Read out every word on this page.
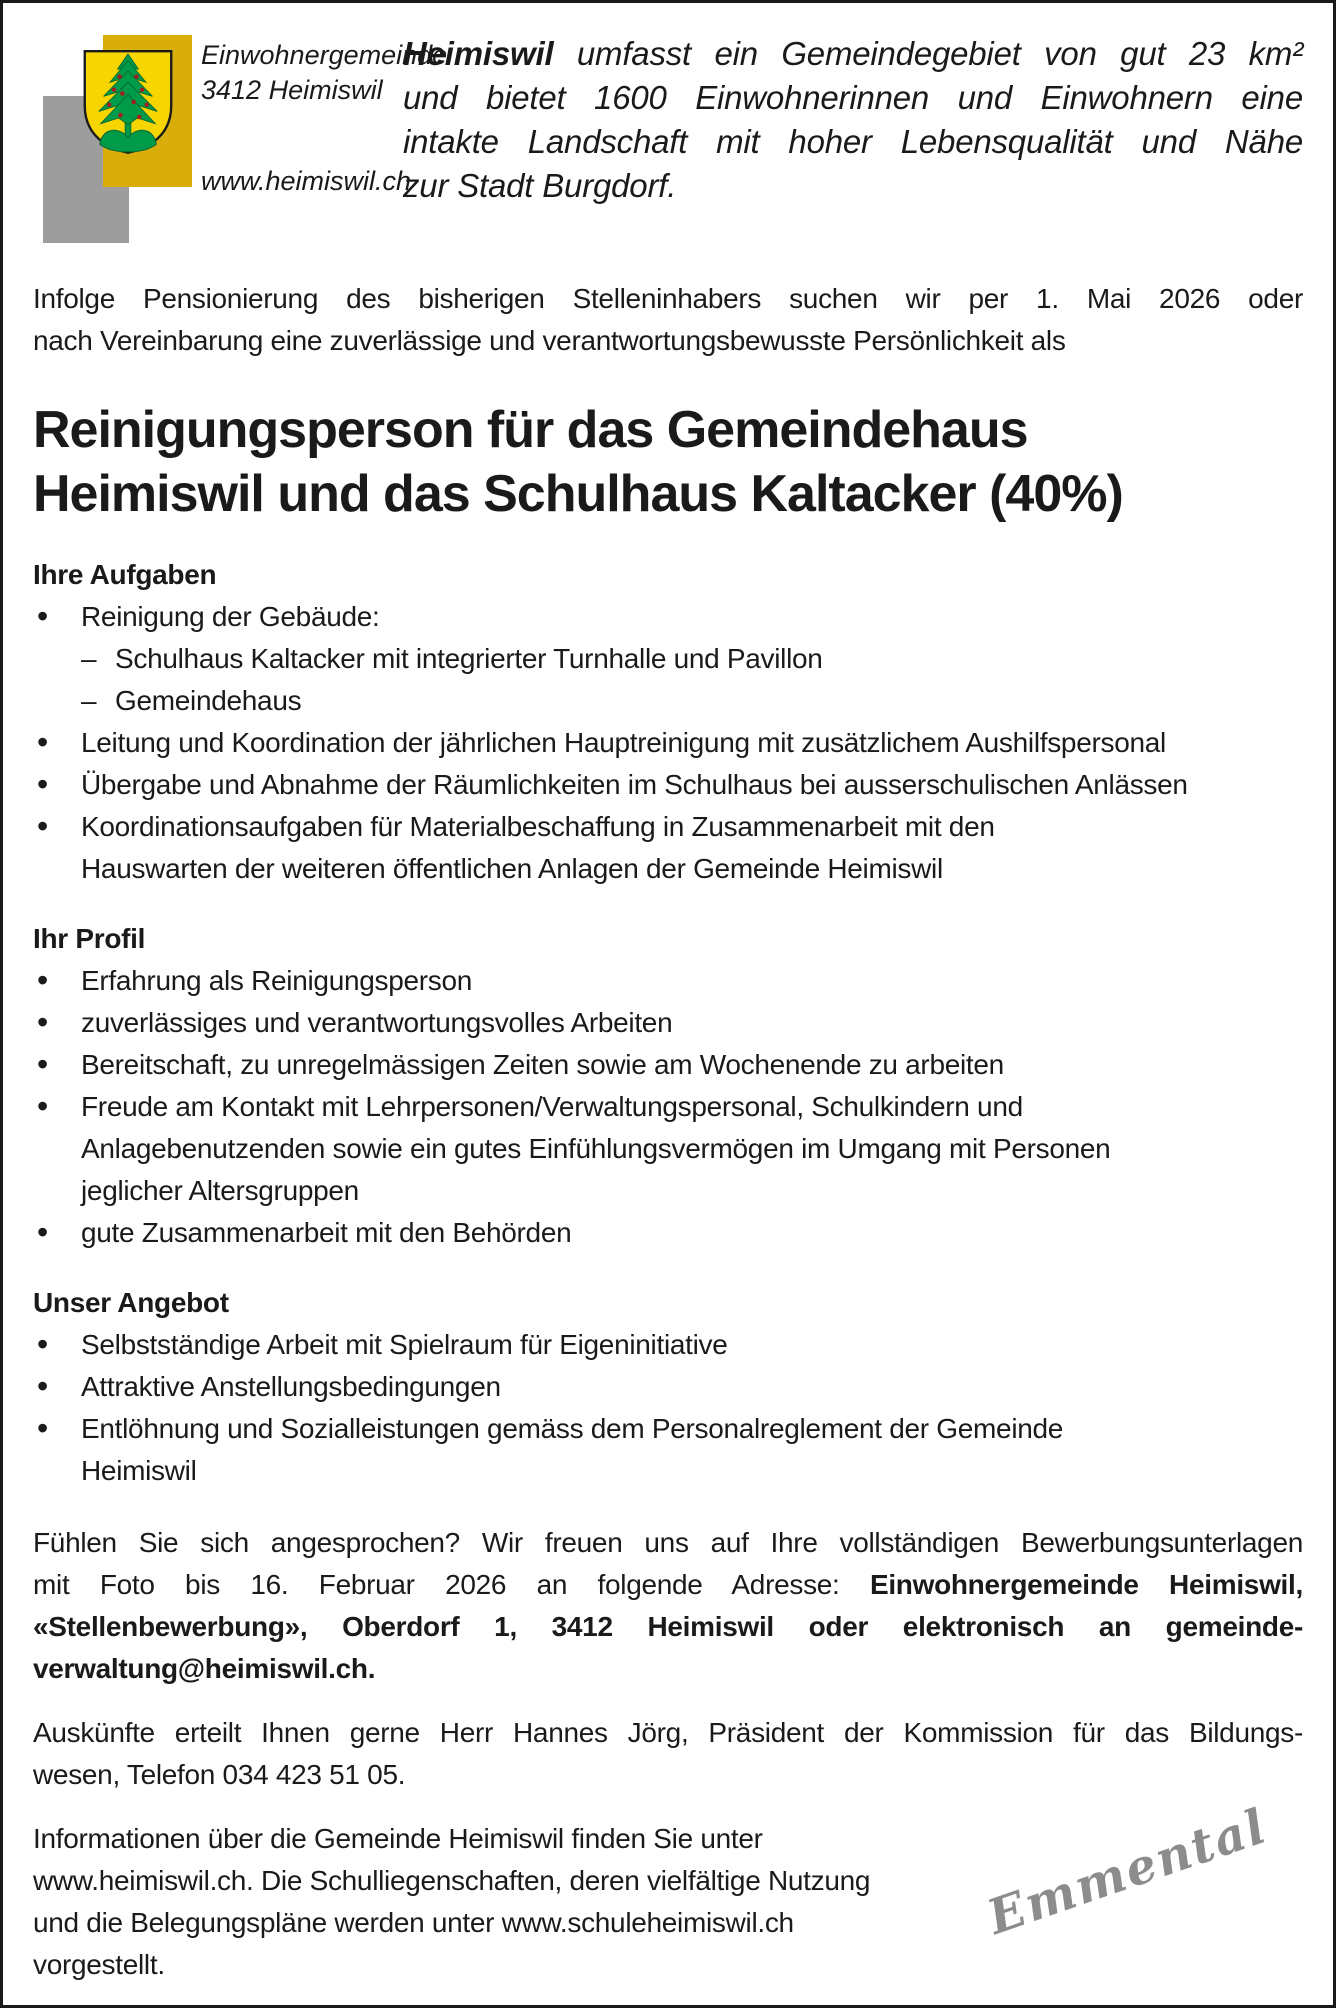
Einwohnergemeinde
3412 Heimiswil
www.heimiswil.ch
Heimiswil umfasst ein Gemeindegebiet von gut 23 km²
und bietet 1600 Einwohnerinnen und Einwohnern eine
intakte Landschaft mit hoher Lebensqualität und Nähe
zur Stadt Burgdorf.

Infolge Pensionierung des bisherigen Stelleninhabers suchen wir per 1. Mai 2026 oder
nach Vereinbarung eine zuverlässige und verantwortungsbewusste Persönlichkeit als

Reinigungsperson für das Gemeindehaus
Heimiswil und das Schulhaus Kaltacker (40%)
Ihre Aufgaben
• Reinigung der Gebäude:
– Schulhaus Kaltacker mit integrierter Turnhalle und Pavillon
– Gemeindehaus
• Leitung und Koordination der jährlichen Hauptreinigung mit zusätzlichem Aushilfspersonal
• Übergabe und Abnahme der Räumlichkeiten im Schulhaus bei ausserschulischen Anlässen
• Koordinationsaufgaben für Materialbeschaffung in Zusammenarbeit mit den
Hauswarten der weiteren öffentlichen Anlagen der Gemeinde Heimiswil
Ihr Profil
• Erfahrung als Reinigungsperson
• zuverlässiges und verantwortungsvolles Arbeiten
• Bereitschaft, zu unregelmässigen Zeiten sowie am Wochenende zu arbeiten
• Freude am Kontakt mit Lehrpersonen/Verwaltungspersonal, Schulkindern und
Anlagebenutzenden sowie ein gutes Einfühlungsvermögen im Umgang mit Personen
jeglicher Altersgruppen
• gute Zusammenarbeit mit den Behörden
Unser Angebot
• Selbstständige Arbeit mit Spielraum für Eigeninitiative
• Attraktive Anstellungsbedingungen
• Entlöhnung und Sozialleistungen gemäss dem Personalreglement der Gemeinde
Heimiswil

Fühlen Sie sich angesprochen? Wir freuen uns auf Ihre vollständigen Bewerbungsunterlagen
mit Foto bis 16. Februar 2026 an folgende Adresse: Einwohnergemeinde Heimiswil,
«Stellenbewerbung», Oberdorf 1, 3412 Heimiswil oder elektronisch an gemeinde-
verwaltung@heimiswil.ch.

Auskünfte erteilt Ihnen gerne Herr Hannes Jörg, Präsident der Kommission für das Bildungs-
wesen, Telefon 034 423 51 05.

Informationen über die Gemeinde Heimiswil finden Sie unter
www.heimiswil.ch. Die Schulliegenschaften, deren vielfältige Nutzung
und die Belegungspläne werden unter www.schuleheimiswil.ch
vorgestellt.

Emmental
